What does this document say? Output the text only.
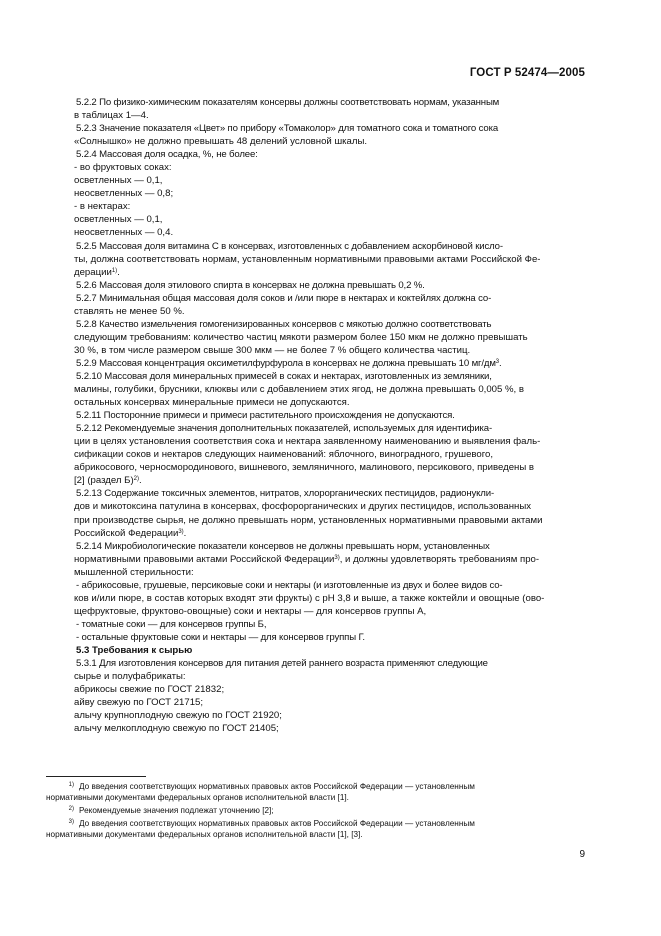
ГОСТ Р 52474—2005
5.2.2 По физико-химическим показателям консервы должны соответствовать нормам, указанным
в таблицах 1—4.
5.2.3 Значение показателя «Цвет» по прибору «Томаколор» для томатного сока и томатного сока
«Солнышко» не должно превышать 48 делений условной шкалы.
5.2.4 Массовая доля осадка, %, не более:
- во фруктовых соках:
осветленных — 0,1,
неосветленных — 0,8;
- в нектарах:
осветленных — 0,1,
неосветленных — 0,4.
5.2.5 Массовая доля витамина С в консервах, изготовленных с добавлением аскорбиновой кисло-
ты, должна соответствовать нормам, установленным нормативными правовыми актами Российской Фе-
дерации$^{1)}$.
5.2.6 Массовая доля этилового спирта в консервах не должна превышать 0,2 %.
5.2.7 Минимальная общая массовая доля соков и /или пюре в нектарах и коктейлях должна со-
ставлять не менее 50 %.
5.2.8 Качество измельчения гомогенизированных консервов с мякотью должно соответствовать
следующим требованиям: количество частиц мякоти размером более 150 мкм не должно превышать
30 %, в том числе размером свыше 300 мкм — не более 7 % общего количества частиц.
5.2.9 Массовая концентрация оксиметилфурфурола в консервах не должна превышать 10 $мг/дм^3$.
5.2.10 Массовая доля минеральных примесей в соках и нектарах, изготовленных из земляники,
малины, голубики, брусники, клюквы или с добавлением этих ягод, не должна превышать 0,005 %, в
остальных консервах минеральные примеси не допускаются.
5.2.11 Посторонние примеси и примеси растительного происхождения не допускаются.
5.2.12 Рекомендуемые значения дополнительных показателей, используемых для идентифика-
ции в целях установления соответствия сока и нектара заявленному наименованию и выявления фаль-
сификации соков и нектаров следующих наименований: яблочного, виноградного, грушевого,
абрикосового, черносмородинового, вишневого, земляничного, малинового, персикового, приведены в
[2] (раздел Б)$^{2)}$.
5.2.13 Содержание токсичных элементов, нитратов, хлорорганических пестицидов, радионукли-
дов и микотоксина патулина в консервах, фосфорорганических и других пестицидов, использованных
при производстве сырья, не должно превышать норм, установленных нормативными правовыми актами
Российской Федерации$^{3)}$.
5.2.14 Микробиологические показатели консервов не должны превышать норм, установленных
нормативными правовыми актами Российской Федерации$^{3)}$, и должны удовлетворять требованиям про-
мышленной стерильности:
- абрикосовые, грушевые, персиковые соки и нектары (и изготовленные из двух и более видов со-
ков и/или пюре, в состав которых входят эти фрукты) с рН 3,8 и выше, а также коктейли и овощные (ово-
щефруктовые, фруктово-овощные) соки и нектары — для консервов группы А,
- томатные соки — для консервов группы Б,
- остальные фруктовые соки и нектары — для консервов группы Г.
5.3 Требования к сырью
5.3.1 Для изготовления консервов для питания детей раннего возраста применяют следующие
сырье и полуфабрикаты:
абрикосы свежие по ГОСТ 21832;
айву свежую по ГОСТ 21715;
алычу крупноплодную свежую по ГОСТ 21920;
алычу мелкоплодную свежую по ГОСТ 21405;
$^{1)}$ До введения соответствующих нормативных правовых актов Российской Федерации — установленным
нормативными документами федеральных органов исполнительной власти [1].
$^{2)}$ Рекомендуемые значения подлежат уточнению [2];
$^{3)}$ До введения соответствующих нормативных правовых актов Российской Федерации — установленным
нормативными документами федеральных органов исполнительной власти [1], [3].
9
